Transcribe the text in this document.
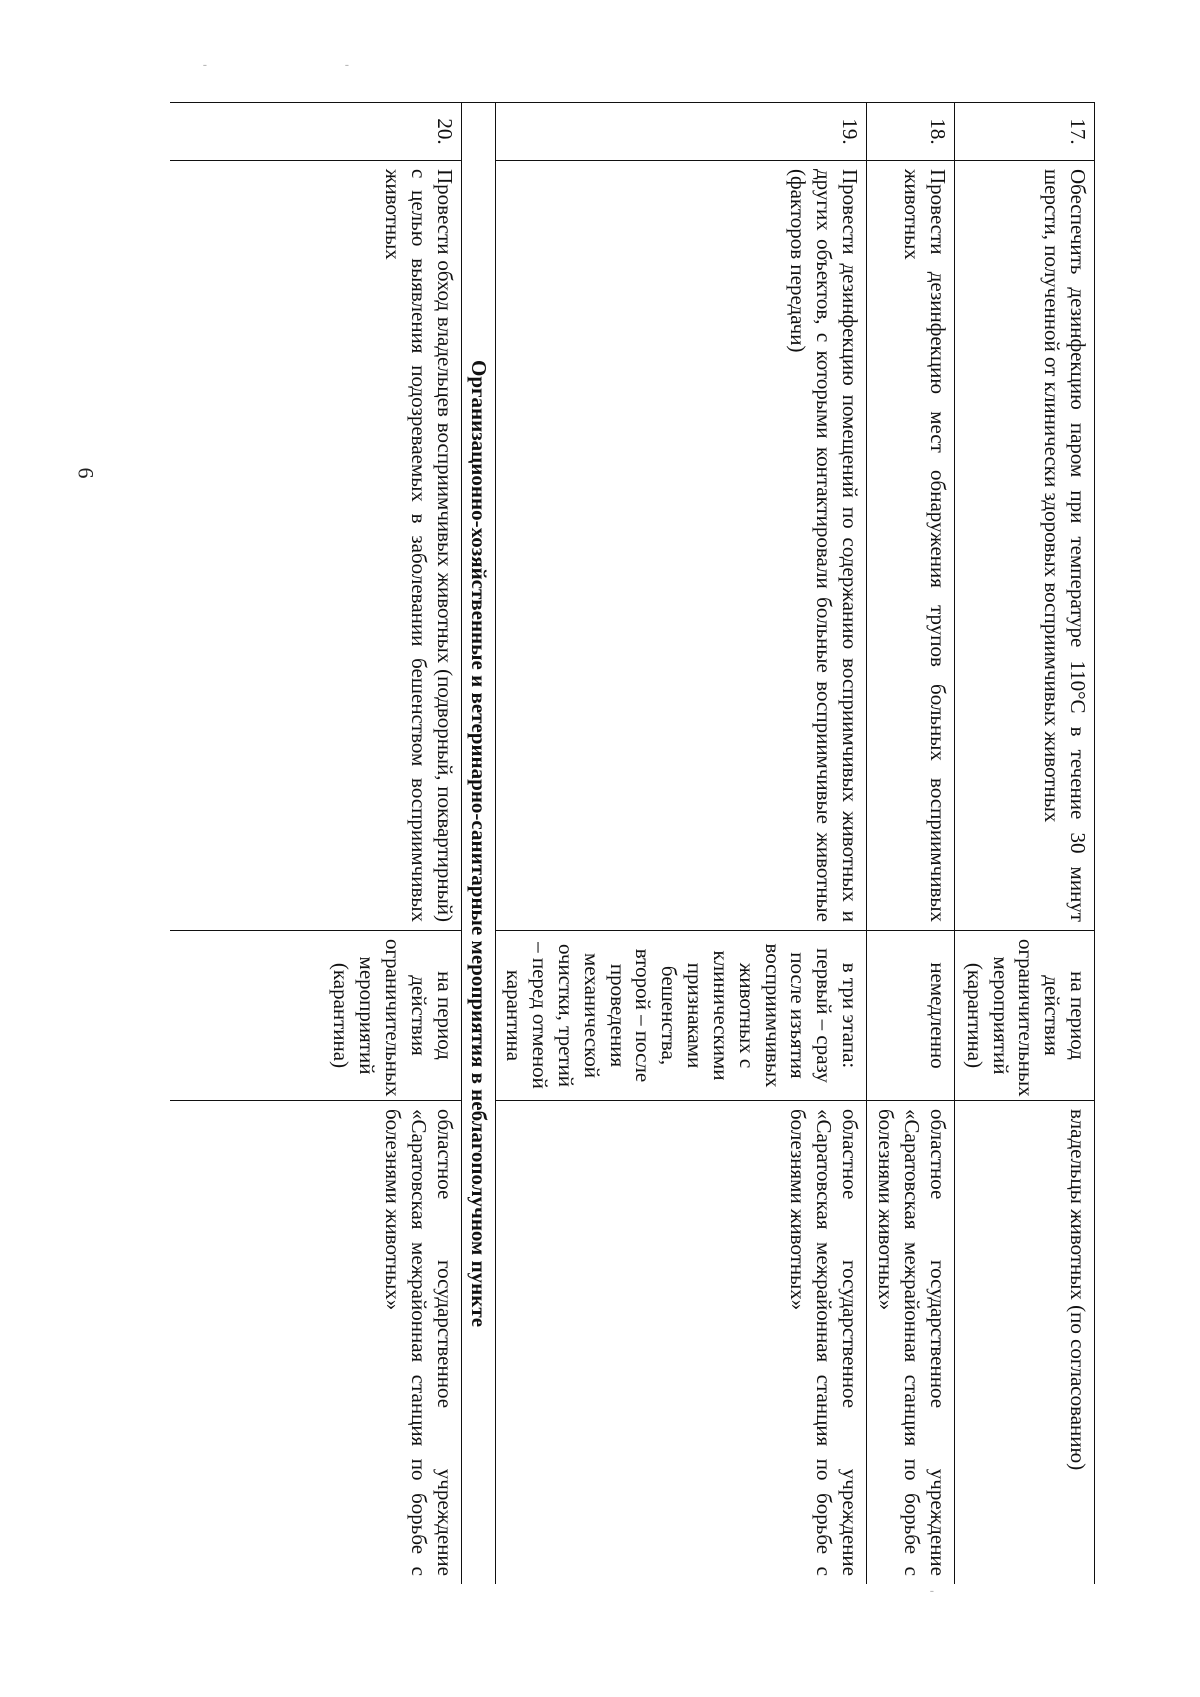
6
ˉ	ˉ
ˉ
17.	Обеспечить дезинфекцию паром при температуре 110°С в течение 30 минут шерсти, полученной от клинически здоровых восприимчивых животных	на период действия ограничительных мероприятий (карантина)	владельцы животных (по согласованию)
18.	Провести дезинфекцию мест обнаружения трупов больных восприимчивых животных	немедленно	областное государственное учреждение «Саратовская межрайонная станция по борьбе с болезнями животных»
19.	Провести дезинфекцию помещений по содержанию восприимчивых животных и других объектов, с которыми контактировали больные восприимчивые животные (факторов передачи)	в три этапа: первый – сразу после изъятия восприимчивых животных с клиническими признаками бешенства, второй – после проведения механической очистки, третий – перед отменой карантина	областное государственное учреждение «Саратовская межрайонная станция по борьбе с болезнями животных»
Организационно-хозяйственные и ветеринарно-санитарные мероприятия в неблагополучном пункте			
20.	Провести обход владельцев восприимчивых животных (подворный, поквартирный) с целью выявления подозреваемых в заболевании бешенством восприимчивых животных	на период действия ограничительных мероприятий (карантина)	областное государственное учреждение «Саратовская межрайонная станция по борьбе с болезнями животных»
